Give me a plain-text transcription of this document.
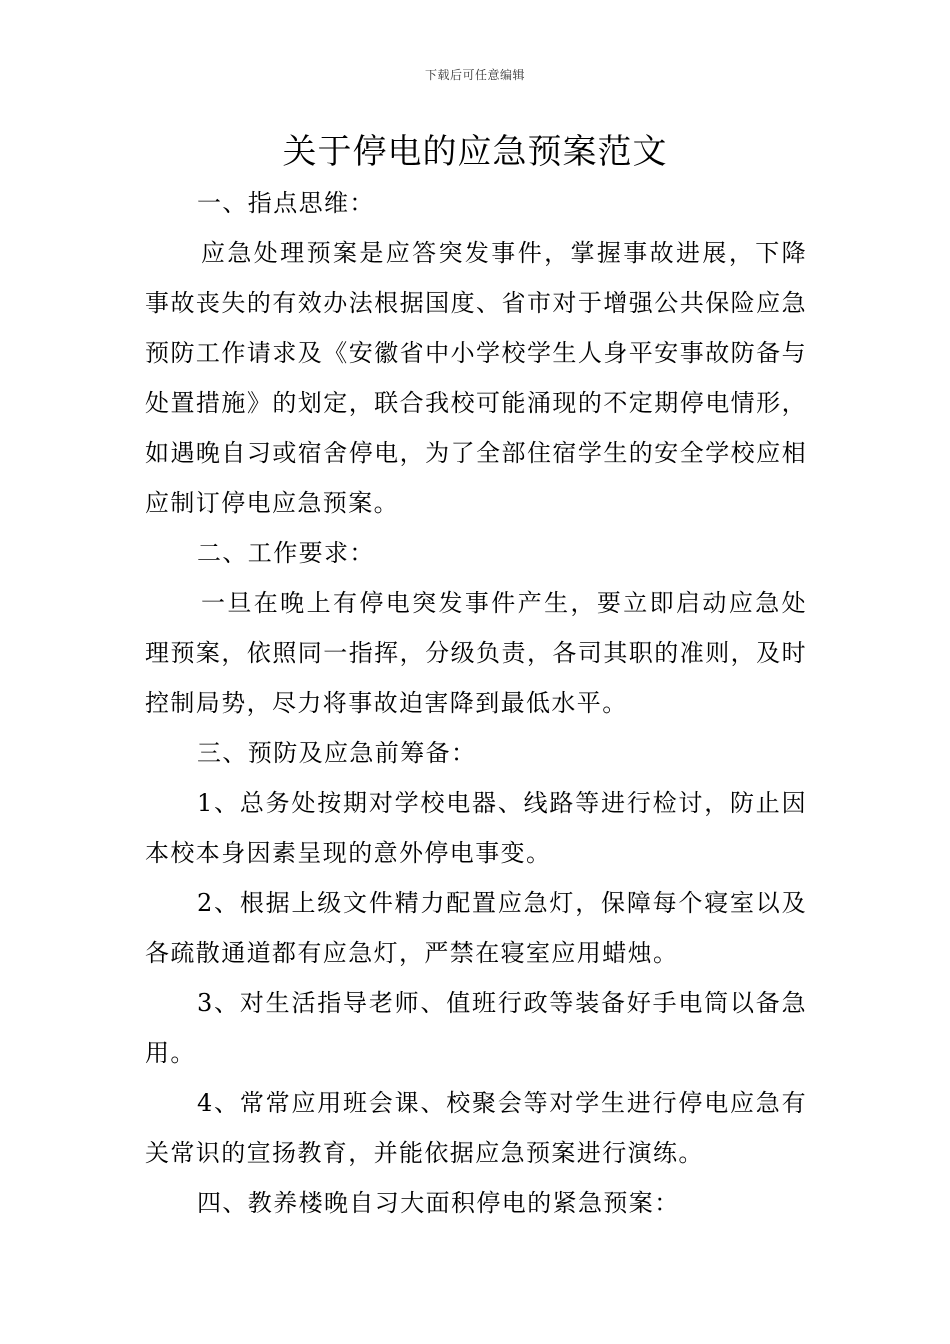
下载后可任意编辑
关于停电的应急预案范文

一、指点思维：

应急处理预案是应答突发事件，掌握事故进展，下降事故丧失的有效办法根据国度、省市对于增强公共保险应急预防工作请求及《安徽省中小学校学生人身平安事故防备与处置措施》的划定，联合我校可能涌现的不定期停电情形，如遇晚自习或宿舍停电，为了全部住宿学生的安全学校应相应制订停电应急预案。

二、工作要求：

一旦在晚上有停电突发事件产生，要立即启动应急处理预案，依照同一指挥，分级负责，各司其职的准则，及时控制局势，尽力将事故迫害降到最低水平。

三、预防及应急前筹备：

1、总务处按期对学校电器、线路等进行检讨，防止因本校本身因素呈现的意外停电事变。

2、根据上级文件精力配置应急灯，保障每个寝室以及各疏散通道都有应急灯，严禁在寝室应用蜡烛。

3、对生活指导老师、值班行政等装备好手电筒以备急用。

4、常常应用班会课、校聚会等对学生进行停电应急有关常识的宣扬教育，并能依据应急预案进行演练。

四、教养楼晚自习大面积停电的紧急预案：
